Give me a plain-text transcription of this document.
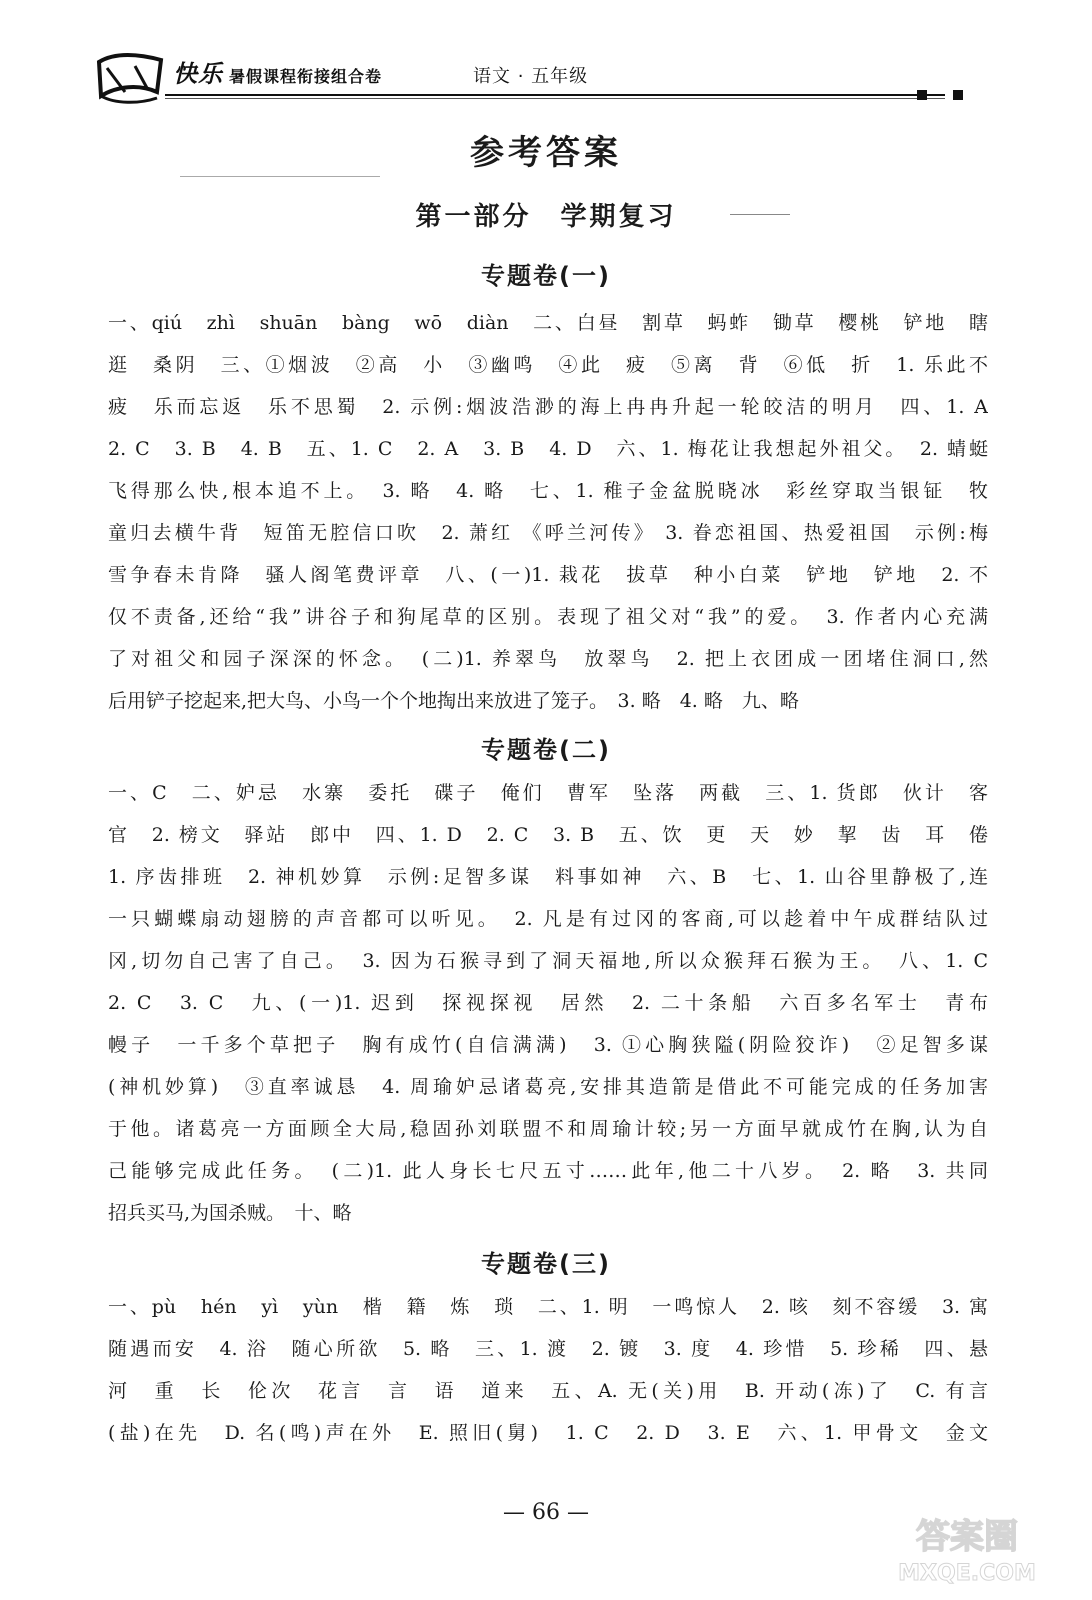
快乐 暑假课程衔接组合卷	语文 · 五年级
参考答案
第一部分　学期复习
专题卷(一)
一、qiú　zhì　shuān　bàng　wō　diàn　二、白昼　割草　蚂蚱　锄草　樱桃　铲地　瞎
逛　桑阴　三、①烟波　②高　小　③幽鸣　④此　疲　⑤离　背　⑥低　折　1. 乐此不
疲　乐而忘返　乐不思蜀　2. 示例:烟波浩渺的海上冉冉升起一轮皎洁的明月　四、1. A
2. C　3. B　4. B　五、1. C　2. A　3. B　4. D　六、1. 梅花让我想起外祖父。　2. 蜻蜓
飞得那么快,根本追不上。　3. 略　4. 略　七、1. 稚子金盆脱晓冰　彩丝穿取当银钲　牧
童归去横牛背　短笛无腔信口吹　2. 萧红 《呼兰河传》 3. 眷恋祖国、热爱祖国　示例:梅
雪争春未肯降　骚人阁笔费评章　八、(一)1. 栽花　拔草　种小白菜　铲地　铲地　2. 不
仅不责备,还给“我”讲谷子和狗尾草的区别。表现了祖父对“我”的爱。　3. 作者内心充满
了对祖父和园子深深的怀念。　(二)1. 养翠鸟　放翠鸟　2. 把上衣团成一团堵住洞口,然
后用铲子挖起来,把大鸟、小鸟一个个地掏出来放进了笼子。　3. 略　4. 略　九、略
专题卷(二)
一、C　二、妒忌　水寨　委托　碟子　俺们　曹军　坠落　两截　三、1. 货郎　伙计　客
官　2. 榜文　驿站　郎中　四、1. D　2. C　3. B　五、饮　更　天　妙　挈　齿　耳　倦
1. 序齿排班　2. 神机妙算　示例:足智多谋　料事如神　六、B　七、1. 山谷里静极了,连
一只蝴蝶扇动翅膀的声音都可以听见。　2. 凡是有过冈的客商,可以趁着中午成群结队过
冈,切勿自己害了自己。　3. 因为石猴寻到了洞天福地,所以众猴拜石猴为王。　八、1. C
2. C　3. C　九、(一)1. 迟到　探视探视　居然　2. 二十条船　六百多名军士　青布
幔子　一千多个草把子　胸有成竹(自信满满)　3. ①心胸狭隘(阴险狡诈)　②足智多谋
(神机妙算)　③直率诚恳　4. 周瑜妒忌诸葛亮,安排其造箭是借此不可能完成的任务加害
于他。诸葛亮一方面顾全大局,稳固孙刘联盟不和周瑜计较;另一方面早就成竹在胸,认为自
己能够完成此任务。　(二)1. 此人身长七尺五寸……此年,他二十八岁。　2. 略　3. 共同
招兵买马,为国杀贼。　十、略
专题卷(三)
一、pù　hén　yì　yùn　楷　籍　炼　琐　二、1. 明　一鸣惊人　2. 咳　刻不容缓　3. 寓
随遇而安　4. 浴　随心所欲　5. 略　三、1. 渡　2. 镀　3. 度　4. 珍惜　5. 珍稀　四、悬
河　重　长　伦次　花言　言　语　道来　五、A. 无(关)用　B. 开动(冻)了　C. 有言
(盐)在先　D. 名(鸣)声在外　E. 照旧(舅)　1. C　2. D　3. E　六、1. 甲骨文　金文
— 66 —
答案圈
MXQE.COM
